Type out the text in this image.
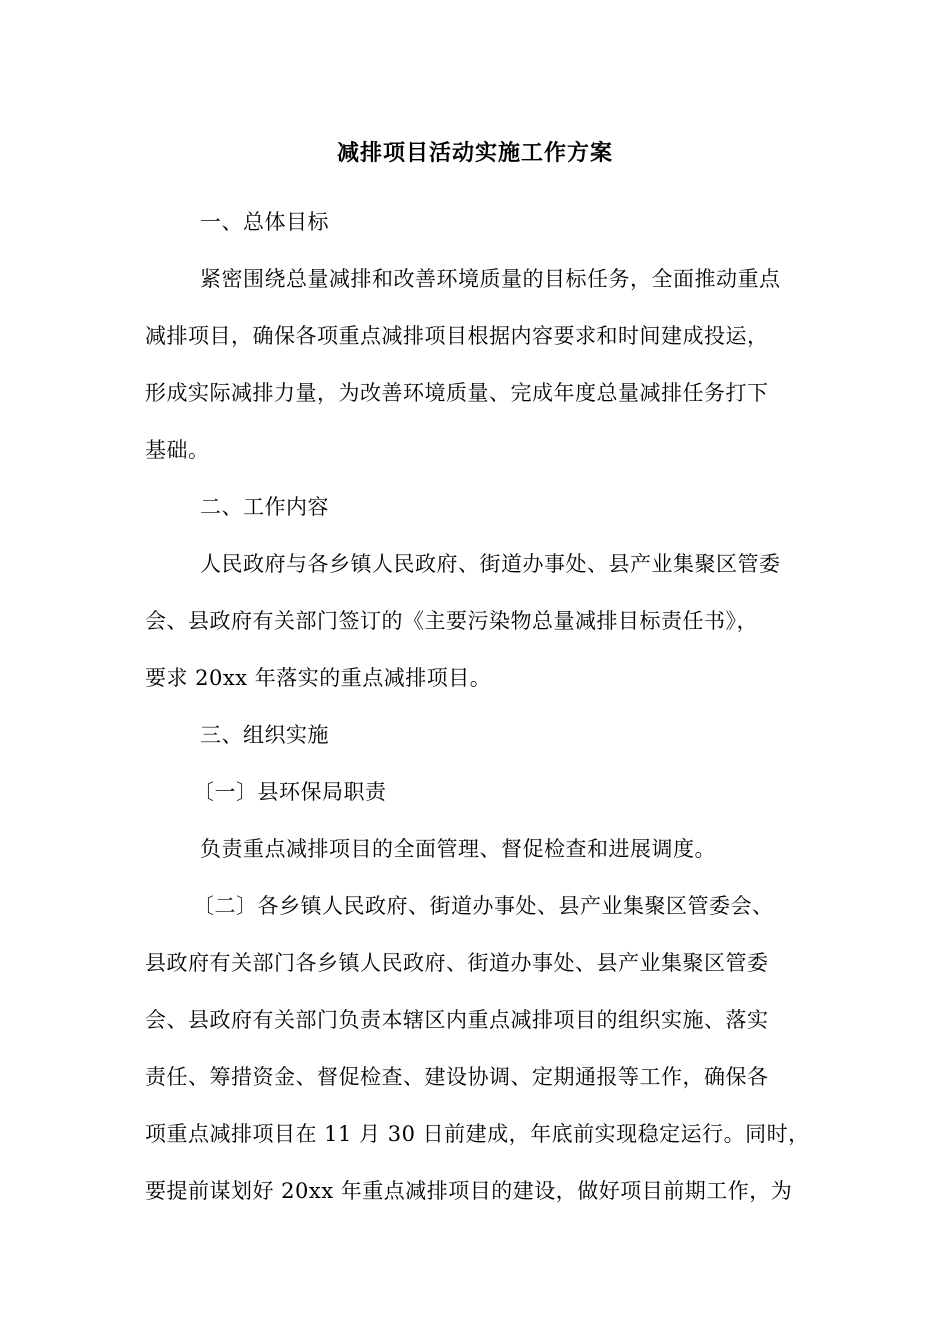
减排项目活动实施工作方案
一、总体目标
紧密围绕总量减排和改善环境质量的目标任务，全面推动重点
减排项目，确保各项重点减排项目根据内容要求和时间建成投运，
形成实际减排力量，为改善环境质量、完成年度总量减排任务打下
基础。
二、工作内容
人民政府与各乡镇人民政府、街道办事处、县产业集聚区管委
会、县政府有关部门签订的《主要污染物总量减排目标责任书》，
要求 20xx 年落实的重点减排项目。
三、组织实施
〔一〕县环保局职责
负责重点减排项目的全面管理、督促检查和进展调度。
〔二〕各乡镇人民政府、街道办事处、县产业集聚区管委会、
县政府有关部门各乡镇人民政府、街道办事处、县产业集聚区管委
会、县政府有关部门负责本辖区内重点减排项目的组织实施、落实
责任、筹措资金、督促检查、建设协调、定期通报等工作，确保各
项重点减排项目在 11 月 30 日前建成，年底前实现稳定运行。同时，
要提前谋划好 20xx 年重点减排项目的建设，做好项目前期工作，为
